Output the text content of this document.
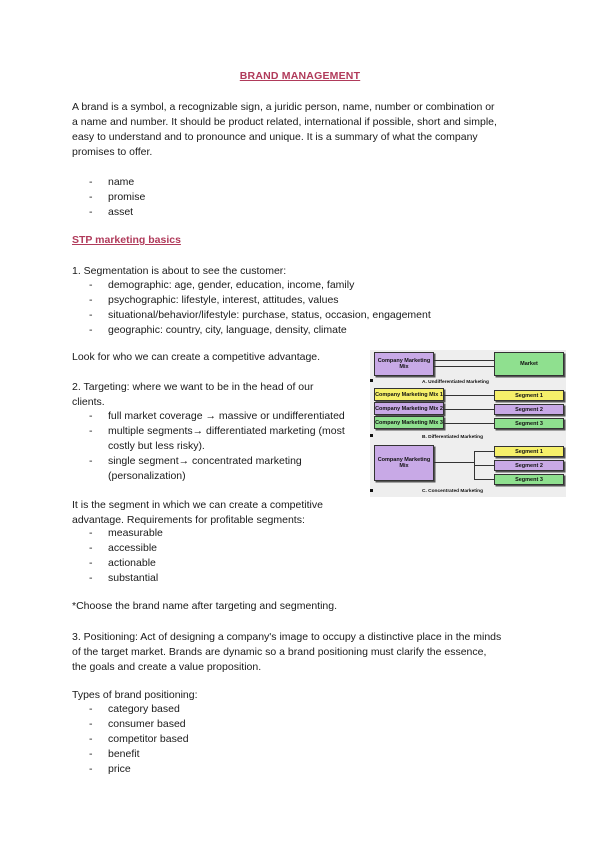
BRAND MANAGEMENT
A brand is a symbol, a recognizable sign, a juridic person, name, number or combination or
a name and number. It should be product related, international if possible, short and simple,
easy to understand and to pronounce and unique. It is a summary of what the company
promises to offer.
- name
- promise
- asset
STP marketing basics
1. Segmentation is about to see the customer:
- demographic: age, gender, education, income, family
- psychographic: lifestyle, interest, attitudes, values
- situational/behavior/lifestyle: purchase, status, occasion, engagement
- geographic: country, city, language, density, climate
Look for who we can create a competitive advantage.
2. Targeting: where we want to be in the head of our
clients.
- full market coverage → massive or undifferentiated
- multiple segments→ differentiated marketing (most
costly but less risky).
- single segment→ concentrated marketing
(personalization)
It is the segment in which we can create a competitive
advantage. Requirements for profitable segments:
- measurable
- accessible
- actionable
- substantial
*Choose the brand name after targeting and segmenting.
3. Positioning: Act of designing a company's image to occupy a distinctive place in the minds
of the target market. Brands are dynamic so a brand positioning must clarify the essence,
the goals and create a value proposition.
Types of brand positioning:
- category based
- consumer based
- competitor based
- benefit
- price
Company Marketing Mix	Market
A. Undifferentiated Marketing
Company Marketing Mix 1
Company Marketing Mix 2
Company Marketing Mix 3
Segment 1
Segment 2
Segment 3
B. Differentiated Marketing
Company Marketing Mix
Segment 1
Segment 2
Segment 3
C. Concentrated Marketing
